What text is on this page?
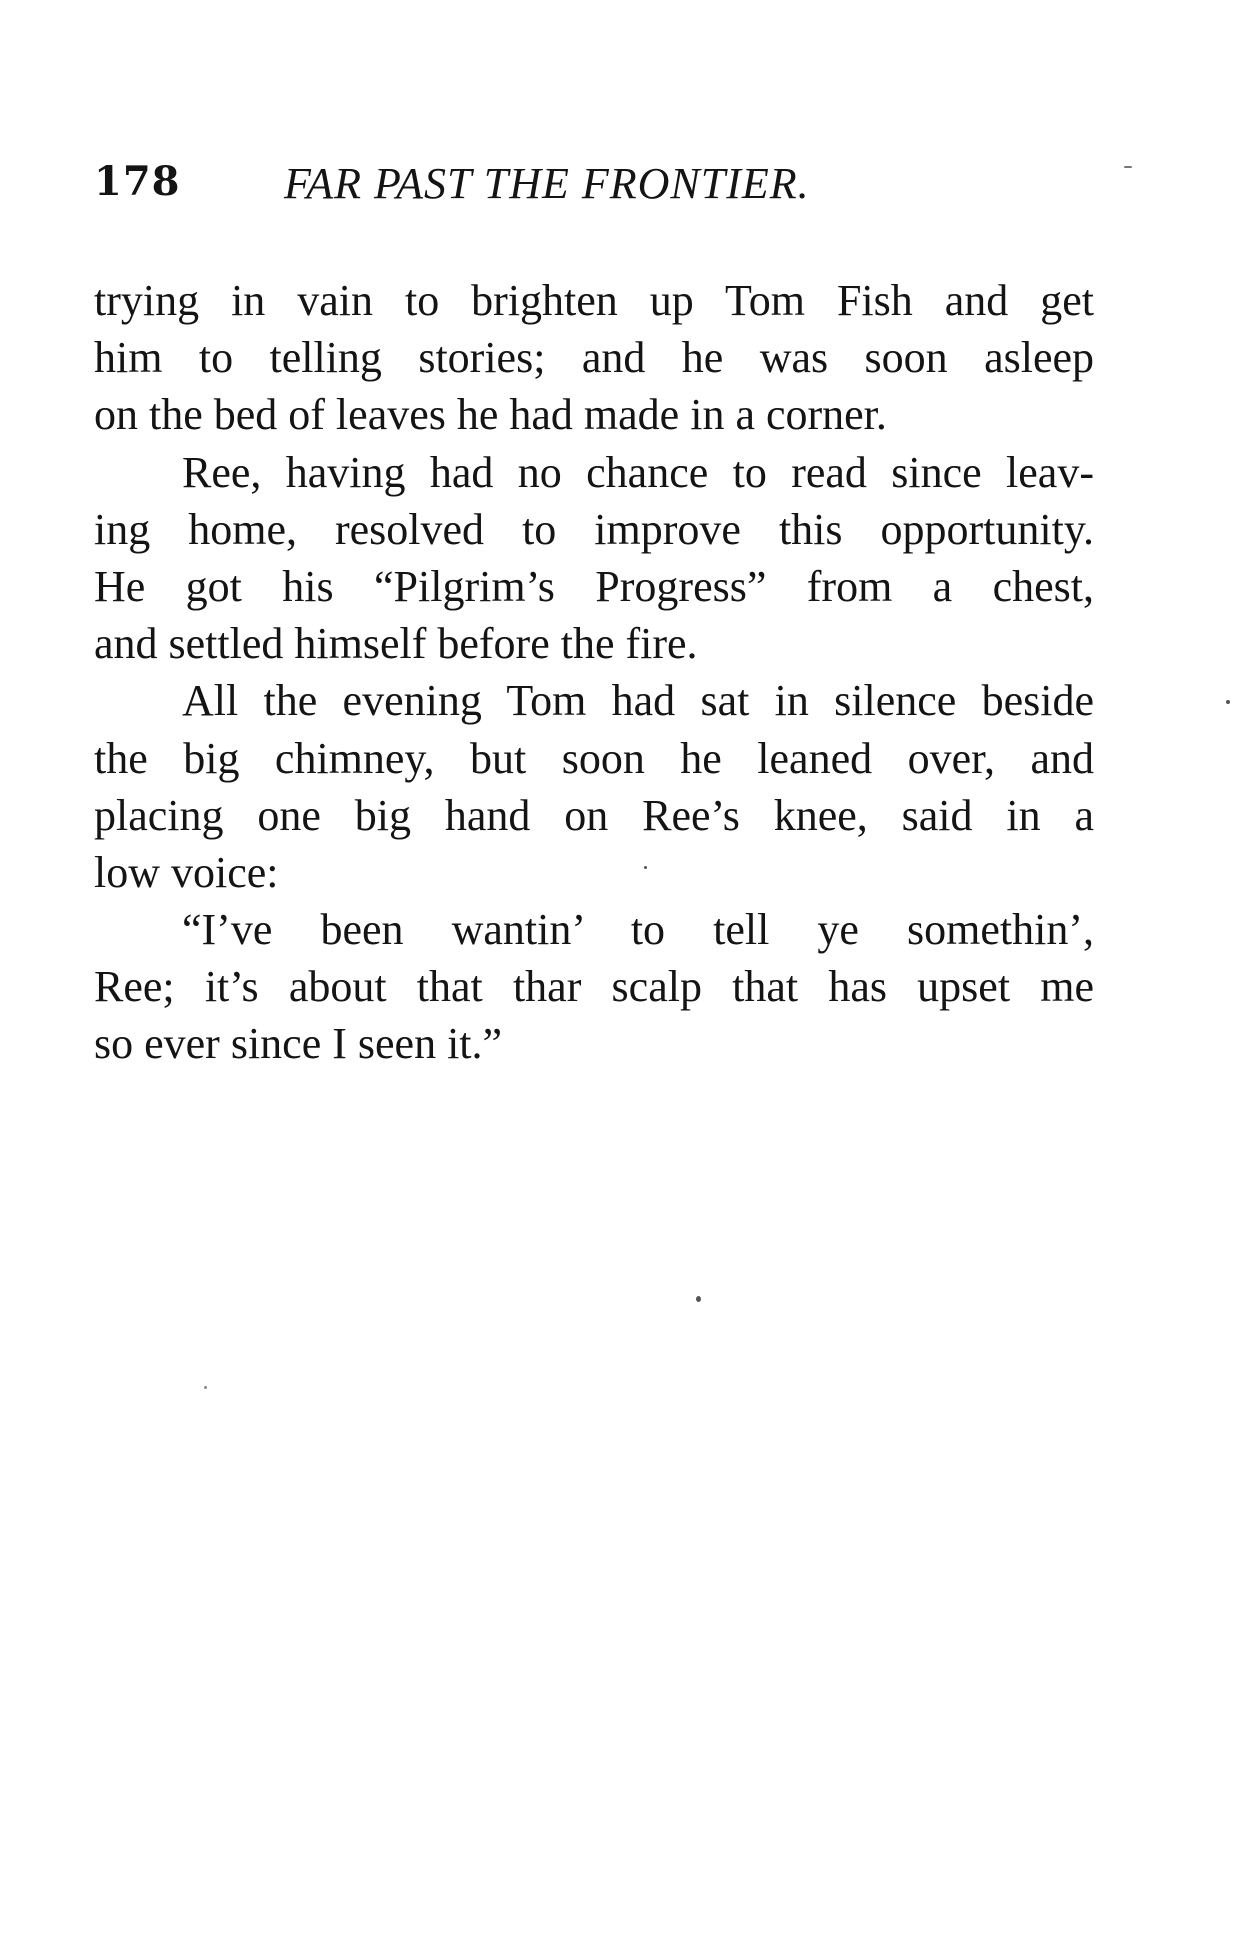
178 FAR PAST THE FRONTIER.

trying in vain to brighten up Tom Fish and get
him to telling stories; and he was soon asleep
on the bed of leaves he had made in a corner.

Ree, having had no chance to read since leav-
ing home, resolved to improve this opportunity.
He got his “Pilgrim’s Progress” from a chest,
and settled himself before the fire.

All the evening Tom had sat in silence beside
the big chimney, but soon he leaned over, and
placing one big hand on Ree’s knee, said in a
low voice:

“I’ve been wantin’ to tell ye somethin’,
Ree; it’s about that thar scalp that has upset me
so ever since I seen it.”
